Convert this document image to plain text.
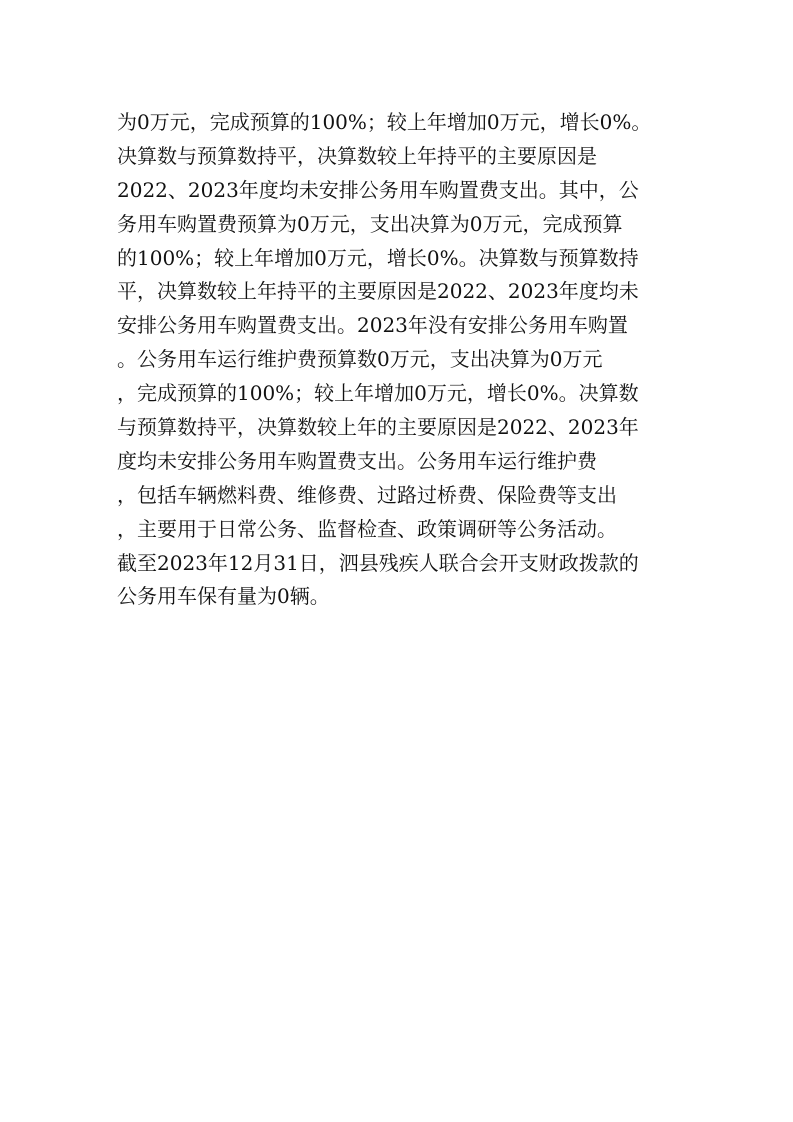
为0万元，完成预算的100%；较上年增加0万元，增长0%。
决算数与预算数持平，决算数较上年持平的主要原因是
2022、2023年度均未安排公务用车购置费支出。其中，公
务用车购置费预算为0万元，支出决算为0万元，完成预算
的100%；较上年增加0万元，增长0%。决算数与预算数持
平，决算数较上年持平的主要原因是2022、2023年度均未
安排公务用车购置费支出。2023年没有安排公务用车购置
。公务用车运行维护费预算数0万元，支出决算为0万元
，完成预算的100%；较上年增加0万元，增长0%。决算数
与预算数持平，决算数较上年的主要原因是2022、2023年
度均未安排公务用车购置费支出。公务用车运行维护费
，包括车辆燃料费、维修费、过路过桥费、保险费等支出
，主要用于日常公务、监督检查、政策调研等公务活动。
截至2023年12月31日，泗县残疾人联合会开支财政拨款的
公务用车保有量为0辆。
